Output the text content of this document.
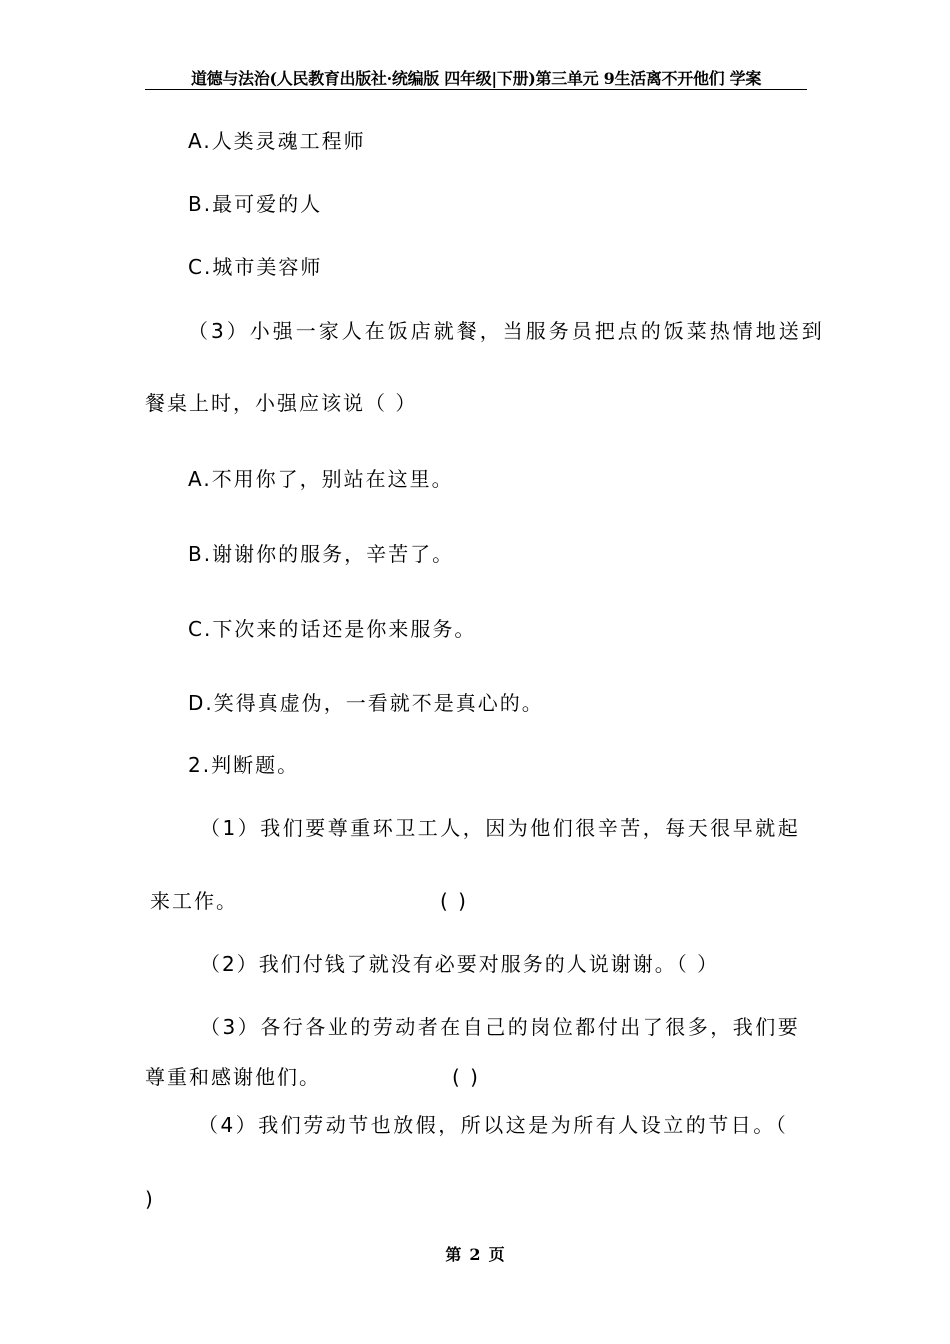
道德与法治(人民教育出版社·统编版 四年级|下册)第三单元 9生活离不开他们 学案
A.人类灵魂工程师
B.最可爱的人
C.城市美容师
（3）小强一家人在饭店就餐，当服务员把点的饭菜热情地送到
餐桌上时，小强应该说（ ）
A.不用你了，别站在这里。
B.谢谢你的服务，辛苦了。
C.下次来的话还是你来服务。
D.笑得真虚伪，一看就不是真心的。
2.判断题。
（1）我们要尊重环卫工人，因为他们很辛苦，每天很早就起
来工作。	( )
（2）我们付钱了就没有必要对服务的人说谢谢。（ ）
（3）各行各业的劳动者在自己的岗位都付出了很多，我们要
尊重和感谢他们。	( )
（4）我们劳动节也放假，所以这是为所有人设立的节日。（
)
第 2 页
